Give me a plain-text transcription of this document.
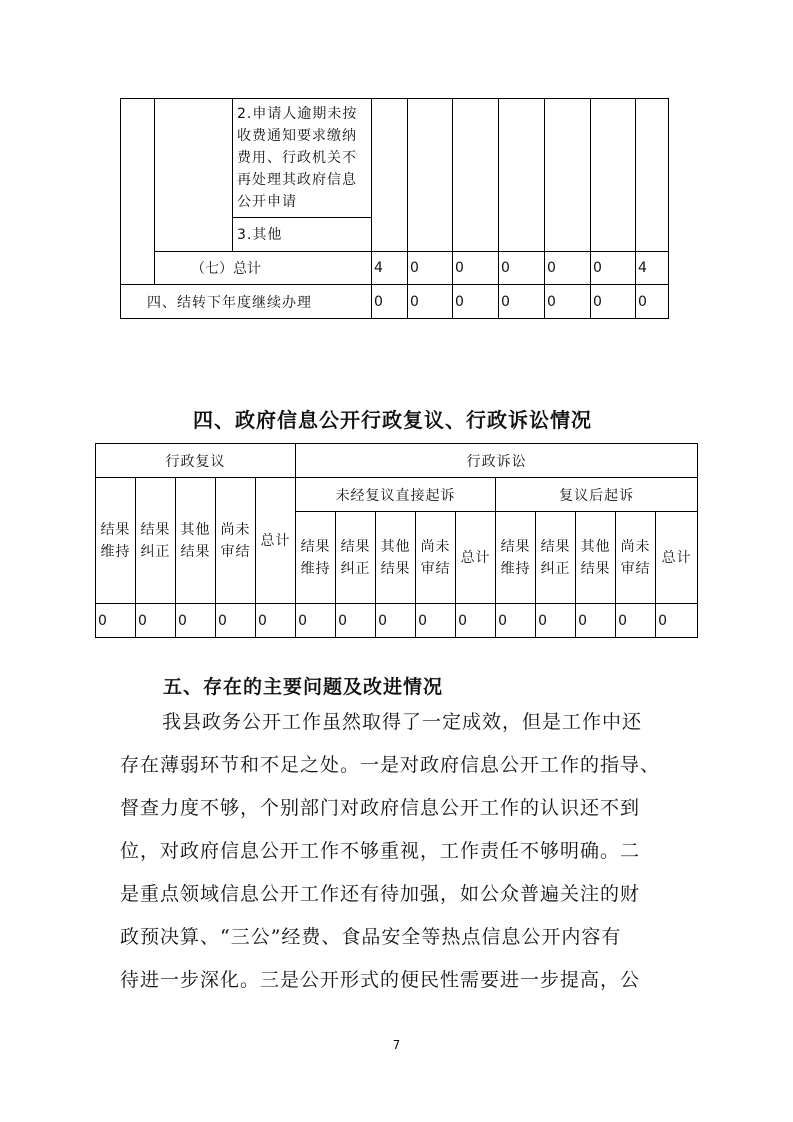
		2.申请人逾期未按收费通知要求缴纳费用、行政机关不再处理其政府信息公开申请							
		3.其他							
	（七）总计		4	0	0	0	0	0	4
四、结转下年度继续办理			0	0	0	0	0	0	0
四、政府信息公开行政复议、行政诉讼情况
行政复议					行政诉讼									
结果维持	结果纠正	其他结果	尚未审结	总计	未经复议直接起诉					复议后起诉				
					结果维持	结果纠正	其他结果	尚未审结	总计	结果维持	结果纠正	其他结果	尚未审结	总计
0	0	0	0	0	0	0	0	0	0	0	0	0	0	0
五、存在的主要问题及改进情况
我县政务公开工作虽然取得了一定成效，但是工作中还
存在薄弱环节和不足之处。一是对政府信息公开工作的指导、
督查力度不够，个别部门对政府信息公开工作的认识还不到
位，对政府信息公开工作不够重视，工作责任不够明确。二
是重点领域信息公开工作还有待加强，如公众普遍关注的财
政预决算、“三公”经费、食品安全等热点信息公开内容有
待进一步深化。三是公开形式的便民性需要进一步提高，公
7
